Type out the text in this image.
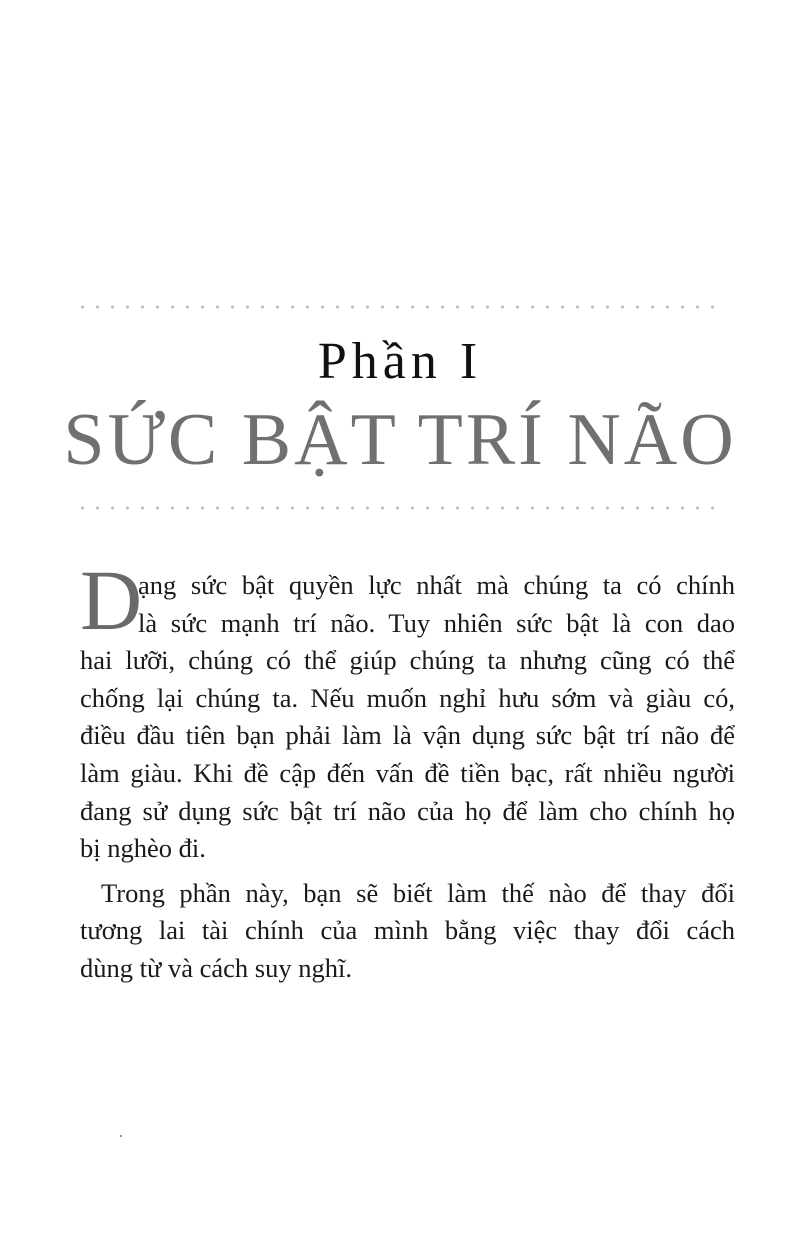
Phần I
SỨC BẬT TRÍ NÃO
D
ạng sức bật quyền lực nhất mà chúng ta có chính
là sức mạnh trí não. Tuy nhiên sức bật là con dao
hai lưỡi, chúng có thể giúp chúng ta nhưng cũng có thể
chống lại chúng ta. Nếu muốn nghỉ hưu sớm và giàu có,
điều đầu tiên bạn phải làm là vận dụng sức bật trí não để
làm giàu. Khi đề cập đến vấn đề tiền bạc, rất nhiều người
đang sử dụng sức bật trí não của họ để làm cho chính họ
bị nghèo đi.
Trong phần này, bạn sẽ biết làm thế nào để thay đổi
tương lai tài chính của mình bằng việc thay đổi cách
dùng từ và cách suy nghĩ.
